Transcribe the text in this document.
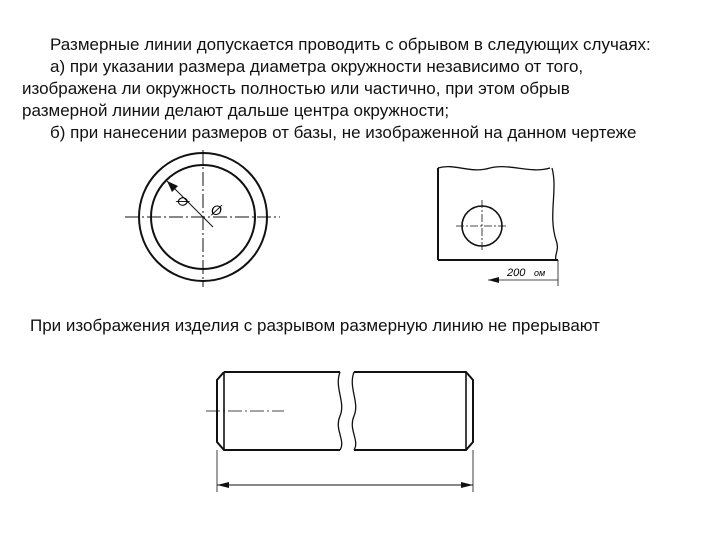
Размерные линии допускается проводить с обрывом в следующих случаях:

а) при указании размера диаметра окружности независимо от того,

изображена ли окружность полностью или частично, при этом обрыв

размерной линии делают дальше центра окружности;

б) при нанесении размеров от базы, не изображенной на данном чертеже

Ø Ø
200 ом

При изображения изделия с разрывом размерную линию не прерывают
